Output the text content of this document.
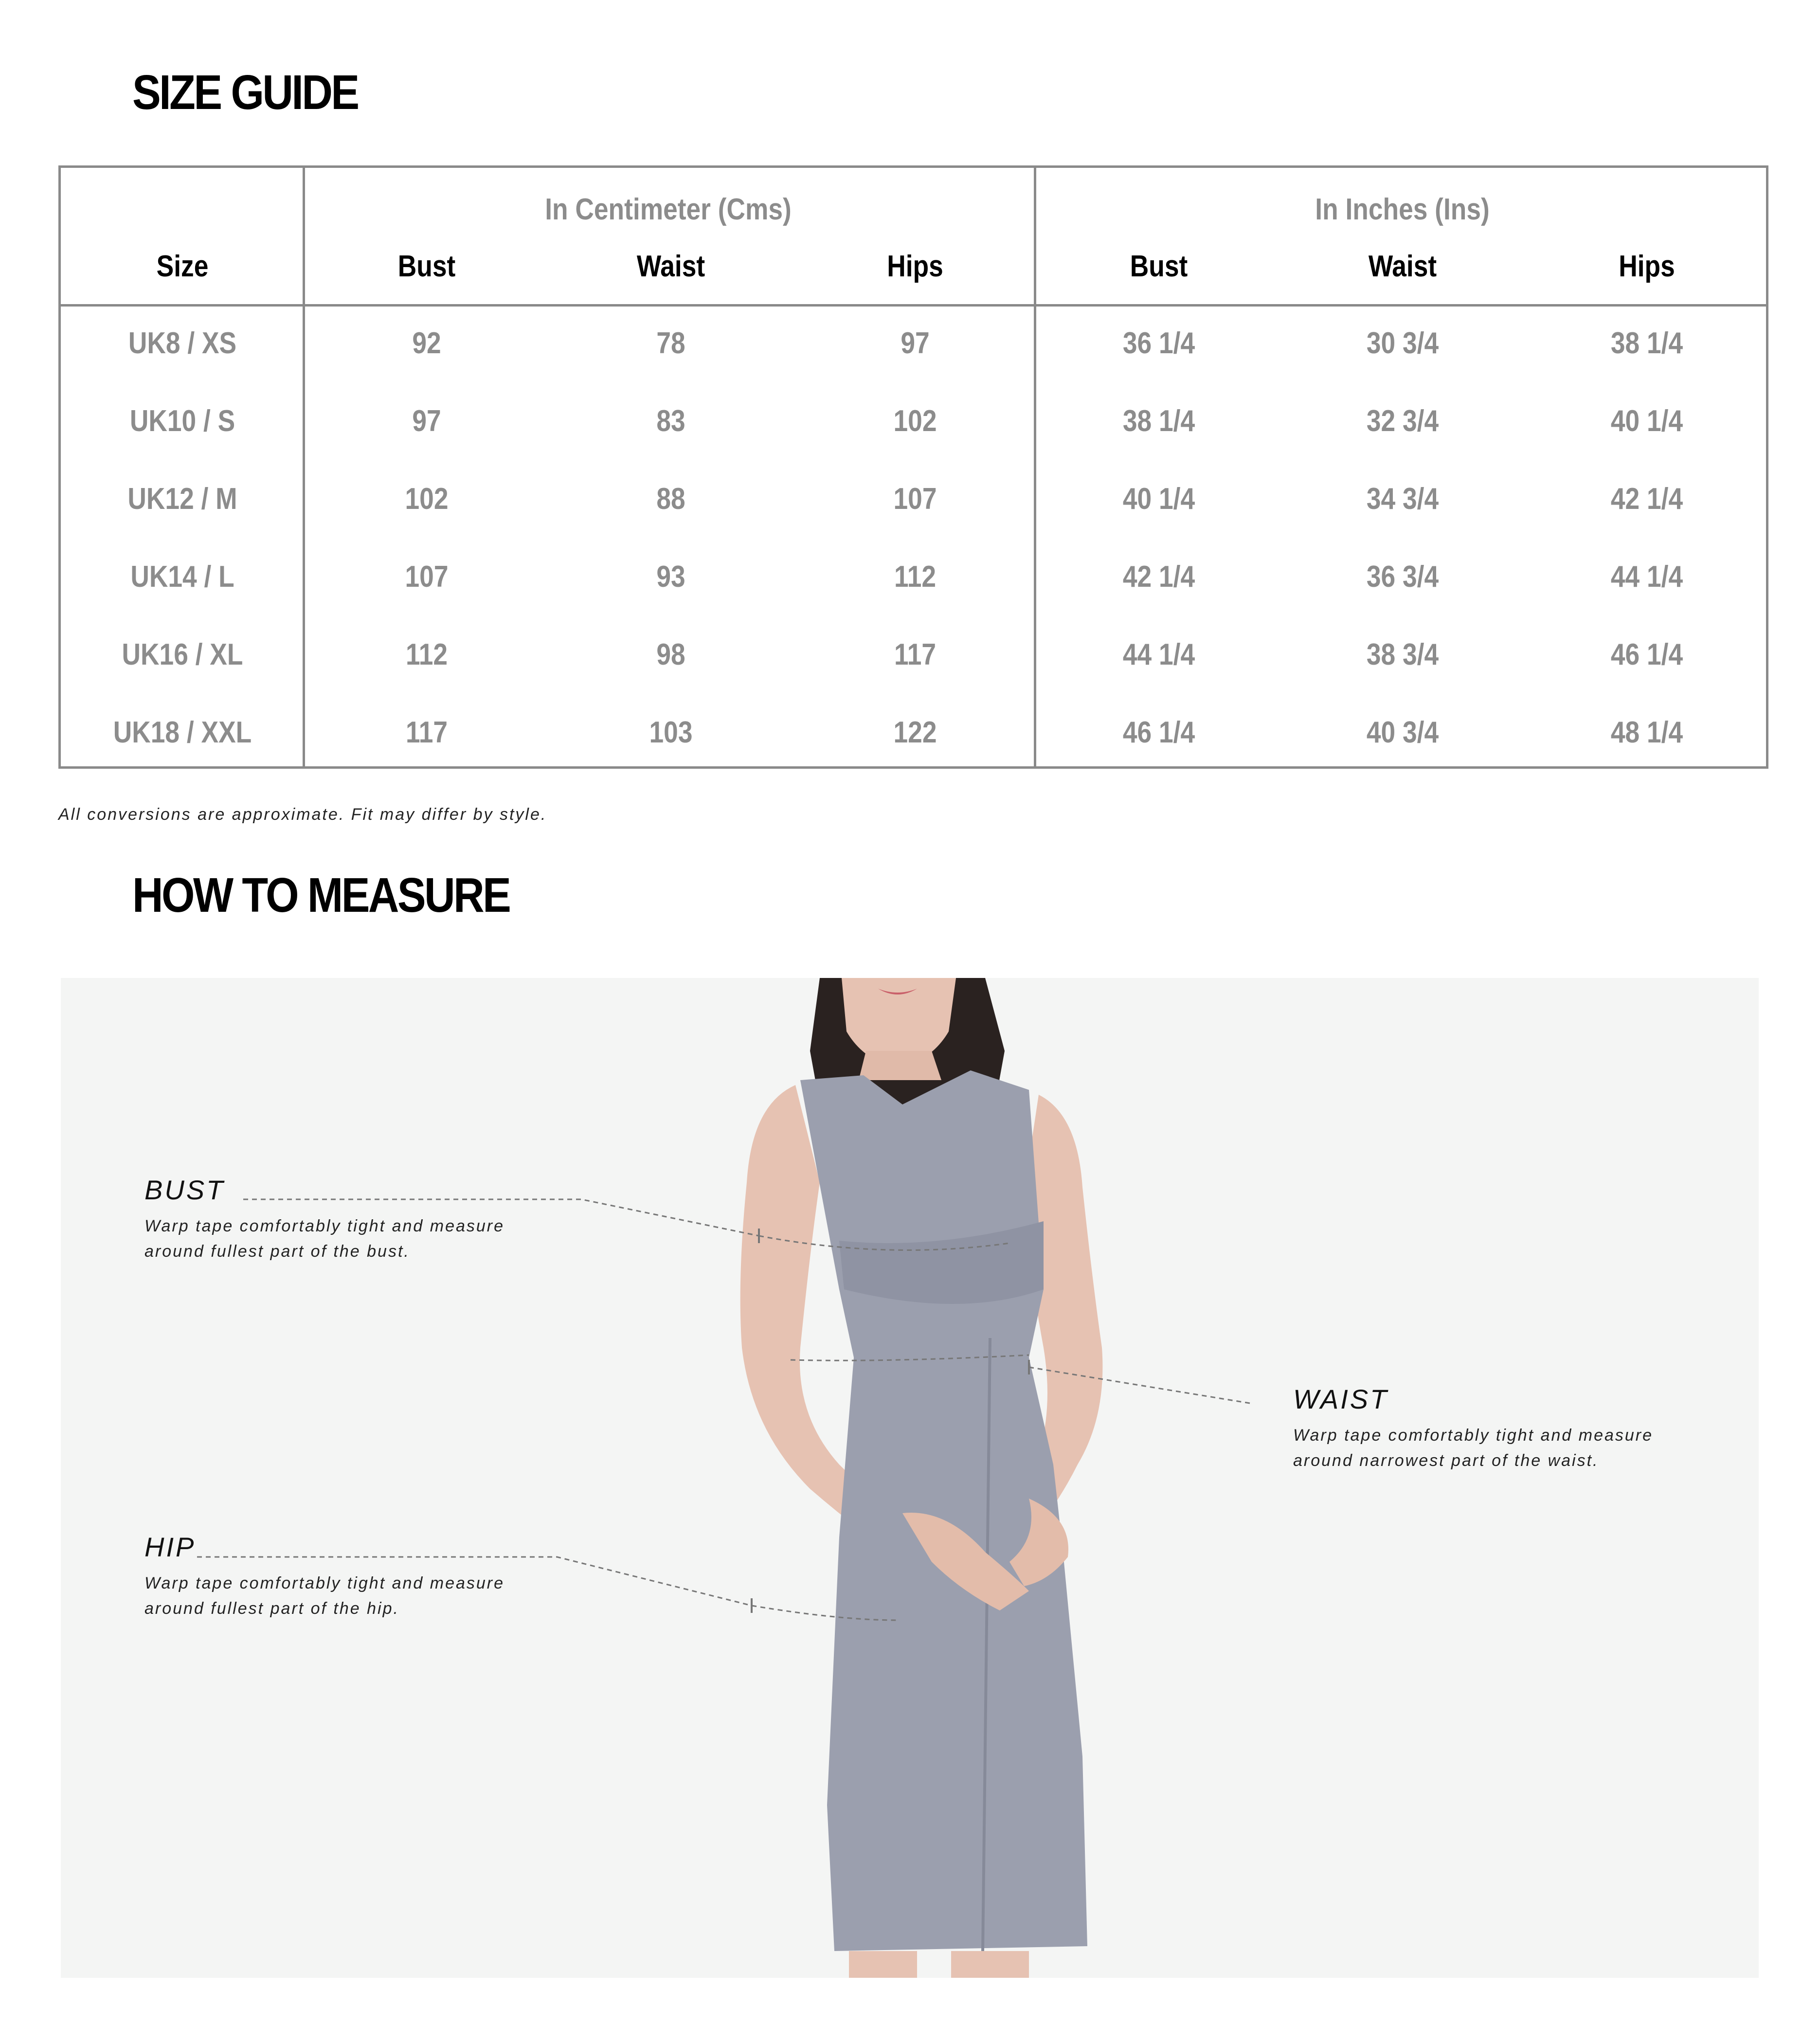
SIZE GUIDE
In Centimeter (Cms)	In Inches (Ins)
Size	Bust	Waist	Hips	Bust	Waist	Hips
UK8 / XS	92	78	97	36 1/4	30 3/4	38 1/4
UK10 / S	97	83	102	38 1/4	32 3/4	40 1/4
UK12 / M	102	88	107	40 1/4	34 3/4	42 1/4
UK14 / L	107	93	112	42 1/4	36 3/4	44 1/4
UK16 / XL	112	98	117	44 1/4	38 3/4	46 1/4
UK18 / XXL	117	103	122	46 1/4	40 3/4	48 1/4

All conversions are approximate. Fit may differ by style.

HOW TO MEASURE

BUST

Warp tape comfortably tight and measure

around fullest part of the bust.

WAIST

Warp tape comfortably tight and measure

around narrowest part of the waist.

HIP

Warp tape comfortably tight and measure

around fullest part of the hip.
